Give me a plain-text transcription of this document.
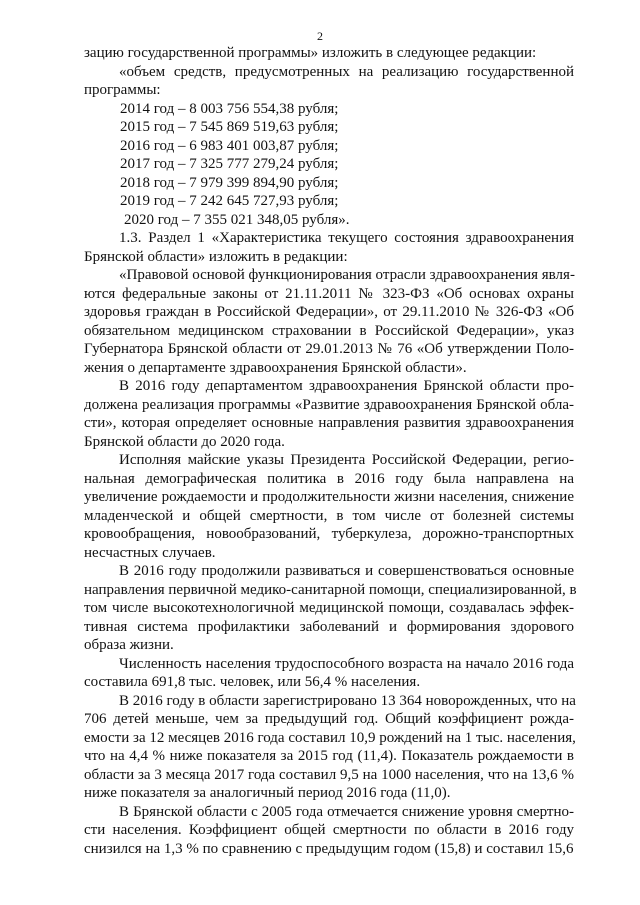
2
зацию государственной программы» изложить в следующее редакции:
«объем средств, предусмотренных на реализацию государственной
программы:
2014 год – 8 003 756 554,38 рубля;
2015 год – 7 545 869 519,63 рубля;
2016 год – 6 983 401 003,87 рубля;
2017 год – 7 325 777 279,24 рубля;
2018 год – 7 979 399 894,90 рубля;
2019 год – 7 242 645 727,93 рубля;
2020 год – 7 355 021 348,05 рубля».
1.3. Раздел 1 «Характеристика текущего состояния здравоохранения
Брянской области» изложить в редакции:
«Правовой основой функционирования отрасли здравоохранения явля-
ются федеральные законы от 21.11.2011 № 323-ФЗ «Об основах охраны
здоровья граждан в Российской Федерации», от 29.11.2010 № 326-ФЗ «Об
обязательном медицинском страховании в Российской Федерации», указ
Губернатора Брянской области от 29.01.2013 № 76 «Об утверждении Поло-
жения о департаменте здравоохранения Брянской области».
В 2016 году департаментом здравоохранения Брянской области про-
должена реализация программы «Развитие здравоохранения Брянской обла-
сти», которая определяет основные направления развития здравоохранения
Брянской области до 2020 года.
Исполняя майские указы Президента Российской Федерации, регио-
нальная демографическая политика в 2016 году была направлена на
увеличение рождаемости и продолжительности жизни населения, снижение
младенческой и общей смертности, в том числе от болезней системы
кровообращения, новообразований, туберкулеза, дорожно-транспортных
несчастных случаев.
В 2016 году продолжили развиваться и совершенствоваться основные
направления первичной медико-санитарной помощи, специализированной, в
том числе высокотехнологичной медицинской помощи, создавалась эффек-
тивная система профилактики заболеваний и формирования здорового
образа жизни.
Численность населения трудоспособного возраста на начало 2016 года
составила 691,8 тыс. человек, или 56,4 % населения.
В 2016 году в области зарегистрировано 13 364 новорожденных, что на
706 детей меньше, чем за предыдущий год. Общий коэффициент рожда-
емости за 12 месяцев 2016 года составил 10,9 рождений на 1 тыс. населения,
что на 4,4 % ниже показателя за 2015 год (11,4). Показатель рождаемости в
области за 3 месяца 2017 года составил 9,5 на 1000 населения, что на 13,6 %
ниже показателя за аналогичный период 2016 года (11,0).
В Брянской области с 2005 года отмечается снижение уровня смертно-
сти населения. Коэффициент общей смертности по области в 2016 году
снизился на 1,3 % по сравнению с предыдущим годом (15,8) и составил 15,6
